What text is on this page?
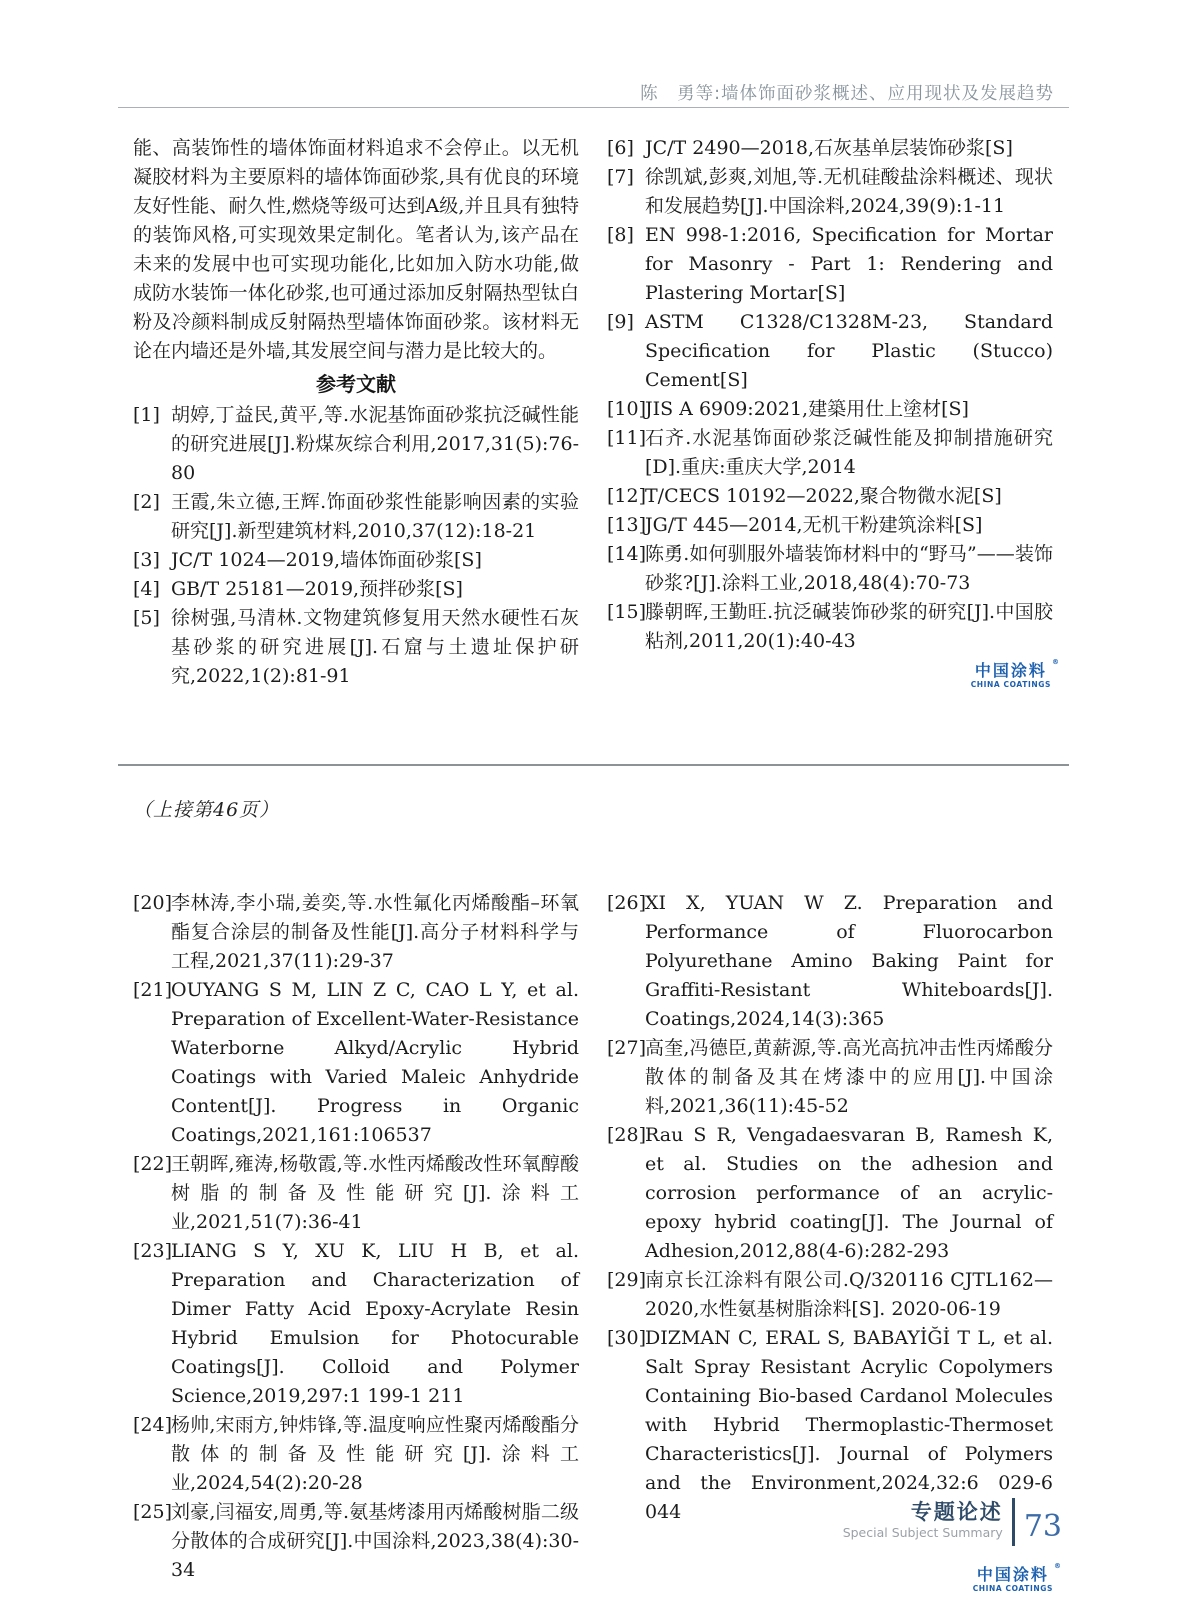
陈　勇等:墙体饰面砂浆概述、应用现状及发展趋势

能、高装饰性的墙体饰面材料追求不会停止。以无机凝胶材料为主要原料的墙体饰面砂浆,具有优良的环境友好性能、耐久性,燃烧等级可达到A级,并且具有独特的装饰风格,可实现效果定制化。笔者认为,该产品在未来的发展中也可实现功能化,比如加入防水功能,做成防水装饰一体化砂浆,也可通过添加反射隔热型钛白粉及冷颜料制成反射隔热型墙体饰面砂浆。该材料无论在内墙还是外墙,其发展空间与潜力是比较大的。

参考文献
[1] 胡婷,丁益民,黄平,等.水泥基饰面砂浆抗泛碱性能的研究进展[J].粉煤灰综合利用,2017,31(5):76-80
[2] 王霞,朱立德,王辉.饰面砂浆性能影响因素的实验研究[J].新型建筑材料,2010,37(12):18-21
[3] JC/T 1024—2019,墙体饰面砂浆[S]
[4] GB/T 25181—2019,预拌砂浆[S]
[5] 徐树强,马清林.文物建筑修复用天然水硬性石灰基砂浆的研究进展[J].石窟与土遗址保护研究,2022,1(2):81-91
[6] JC/T 2490—2018,石灰基单层装饰砂浆[S]
[7] 徐凯斌,彭爽,刘旭,等.无机硅酸盐涂料概述、现状和发展趋势[J].中国涂料,2024,39(9):1-11
[8] EN 998-1:2016, Specification for Mortar for Masonry - Part 1: Rendering and Plastering Mortar[S]
[9] ASTM C1328/C1328M-23, Standard Specification for Plastic (Stucco) Cement[S]
[10]
JIS A 6909:2021,建築用仕上塗材[S]
[11]
石齐.水泥基饰面砂浆泛碱性能及抑制措施研究[D].重庆:重庆大学,2014
[12]
T/CECS 10192—2022,聚合物微水泥[S]
[13]
JG/T 445—2014,无机干粉建筑涂料[S]
[14]
陈勇.如何驯服外墙装饰材料中的“野马”——装饰砂浆?[J].涂料工业,2018,48(4):70-73
[15]
滕朝晖,王勤旺.抗泛碱装饰砂浆的研究[J].中国胶粘剂,2011,20(1):40-43
中国涂料 ®
CHINA COATINGS
（上接第46页）
[20]
李林涛,李小瑞,姜奕,等.水性氟化丙烯酸酯–环氧酯复合涂层的制备及性能[J].高分子材料科学与工程,2021,37(11):29-37
[21]
OUYANG S M, LIN Z C, CAO L Y, et al. Preparation of Excellent-Water-Resistance Waterborne Alkyd/Acrylic Hybrid Coatings with Varied Maleic Anhydride Content[J]. Progress in Organic Coatings,2021,161:106537
[22]
王朝晖,雍涛,杨敬霞,等.水性丙烯酸改性环氧醇酸树脂的制备及性能研究[J].涂料工业,2021,51(7):36-41
[23]
LIANG S Y, XU K, LIU H B, et al. Preparation and Characterization of Dimer Fatty Acid Epoxy-Acrylate Resin Hybrid Emulsion for Photocurable Coatings[J]. Colloid and Polymer Science,2019,297:1 199-1 211
[24]
杨帅,宋雨方,钟炜锋,等.温度响应性聚丙烯酸酯分散体的制备及性能研究[J].涂料工业,2024,54(2):20-28
[25]
刘豪,闫福安,周勇,等.氨基烤漆用丙烯酸树脂二级分散体的合成研究[J].中国涂料,2023,38(4):30-34
[26]
XI X, YUAN W Z. Preparation and Performance of Fluorocarbon Polyurethane Amino Baking Paint for Graffiti-Resistant Whiteboards[J]. Coatings,2024,14(3):365
[27]
高奎,冯德臣,黄薪源,等.高光高抗冲击性丙烯酸分散体的制备及其在烤漆中的应用[J].中国涂料,2021,36(11):45-52
[28]
Rau S R, Vengadaesvaran B, Ramesh K, et al. Studies on the adhesion and corrosion performance of an acrylic-epoxy hybrid coating[J]. The Journal of Adhesion,2012,88(4-6):282-293
[29]
南京长江涂料有限公司.Q/320116 CJTL162—2020,水性氨基树脂涂料[S]. 2020-06-19
[30]
DIZMAN C, ERAL S, BABAYİĞİ T L, et al. Salt Spray Resistant Acrylic Copolymers Containing Bio-based Cardanol Molecules with Hybrid Thermoplastic-Thermoset Characteristics[J]. Journal of Polymers and the Environment,2024,32:6 029-6 044
中国涂料 ®
CHINA COATINGS
专题论述
Special Subject Summary 73
